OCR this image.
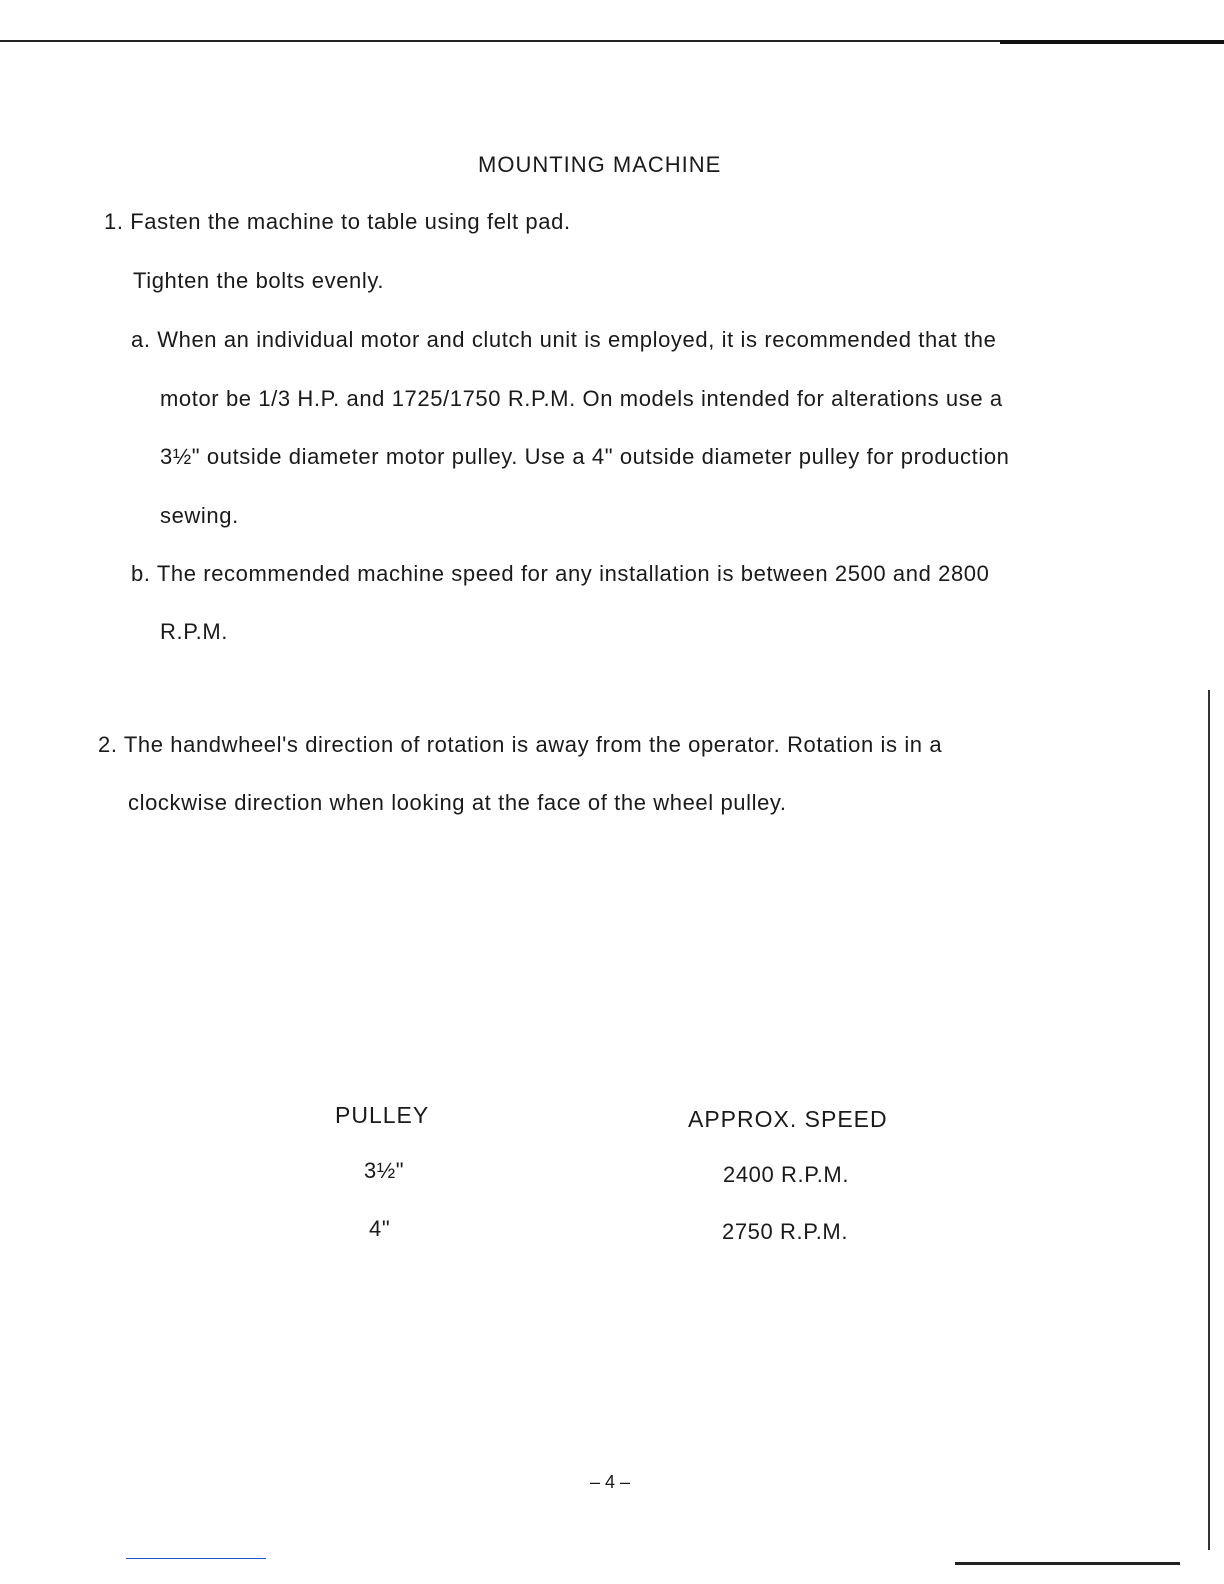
MOUNTING MACHINE
1. Fasten the machine to table using felt pad.
Tighten the bolts evenly.
a. When an individual motor and clutch unit is employed, it is recommended that the
motor be 1/3 H.P. and 1725/1750 R.P.M. On models intended for alterations use a
3½" outside diameter motor pulley. Use a 4" outside diameter pulley for production
sewing.
b. The recommended machine speed for any installation is between 2500 and 2800
R.P.M.
2. The handwheel's direction of rotation is away from the operator. Rotation is in a
clockwise direction when looking at the face of the wheel pulley.
PULLEY	APPROX. SPEED
3½"	2400 R.P.M.
4"	2750 R.P.M.
– 4 –
